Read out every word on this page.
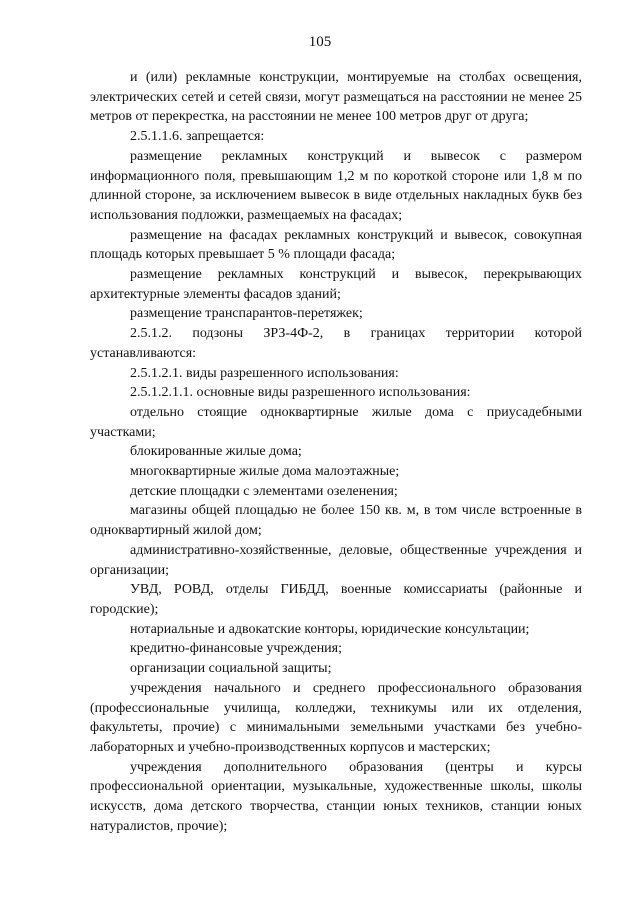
105

и (или) рекламные конструкции, монтируемые на столбах освещения, электрических сетей и сетей связи, могут размещаться на расстоянии не менее 25 метров от перекрестка, на расстоянии не менее 100 метров друг от друга;

2.5.1.1.6. запрещается:

размещение рекламных конструкций и вывесок с размером информационного поля, превышающим 1,2 м по короткой стороне или 1,8 м по длинной стороне, за исключением вывесок в виде отдельных накладных букв без использования подложки, размещаемых на фасадах;

размещение на фасадах рекламных конструкций и вывесок, совокупная площадь которых превышает 5 % площади фасада;

размещение рекламных конструкций и вывесок, перекрывающих архитектурные элементы фасадов зданий;

размещение транспарантов-перетяжек;

2.5.1.2. подзоны ЗРЗ-4Ф-2, в границах территории которой устанавливаются:

2.5.1.2.1. виды разрешенного использования:

2.5.1.2.1.1. основные виды разрешенного использования:

отдельно стоящие одноквартирные жилые дома с приусадебными участками;

блокированные жилые дома;

многоквартирные жилые дома малоэтажные;

детские площадки с элементами озеленения;

магазины общей площадью не более 150 кв. м, в том числе встроенные в одноквартирный жилой дом;

административно-хозяйственные, деловые, общественные учреждения и организации;

УВД, РОВД, отделы ГИБДД, военные комиссариаты (районные и городские);

нотариальные и адвокатские конторы, юридические консультации;

кредитно-финансовые учреждения;

организации социальной защиты;

учреждения начального и среднего профессионального образования (профессиональные училища, колледжи, техникумы или их отделения, факультеты, прочие) с минимальными земельными участками без учебно-лабораторных и учебно-производственных корпусов и мастерских;

учреждения дополнительного образования (центры и курсы профессиональной ориентации, музыкальные, художественные школы, школы искусств, дома детского творчества, станции юных техников, станции юных натуралистов, прочие);
